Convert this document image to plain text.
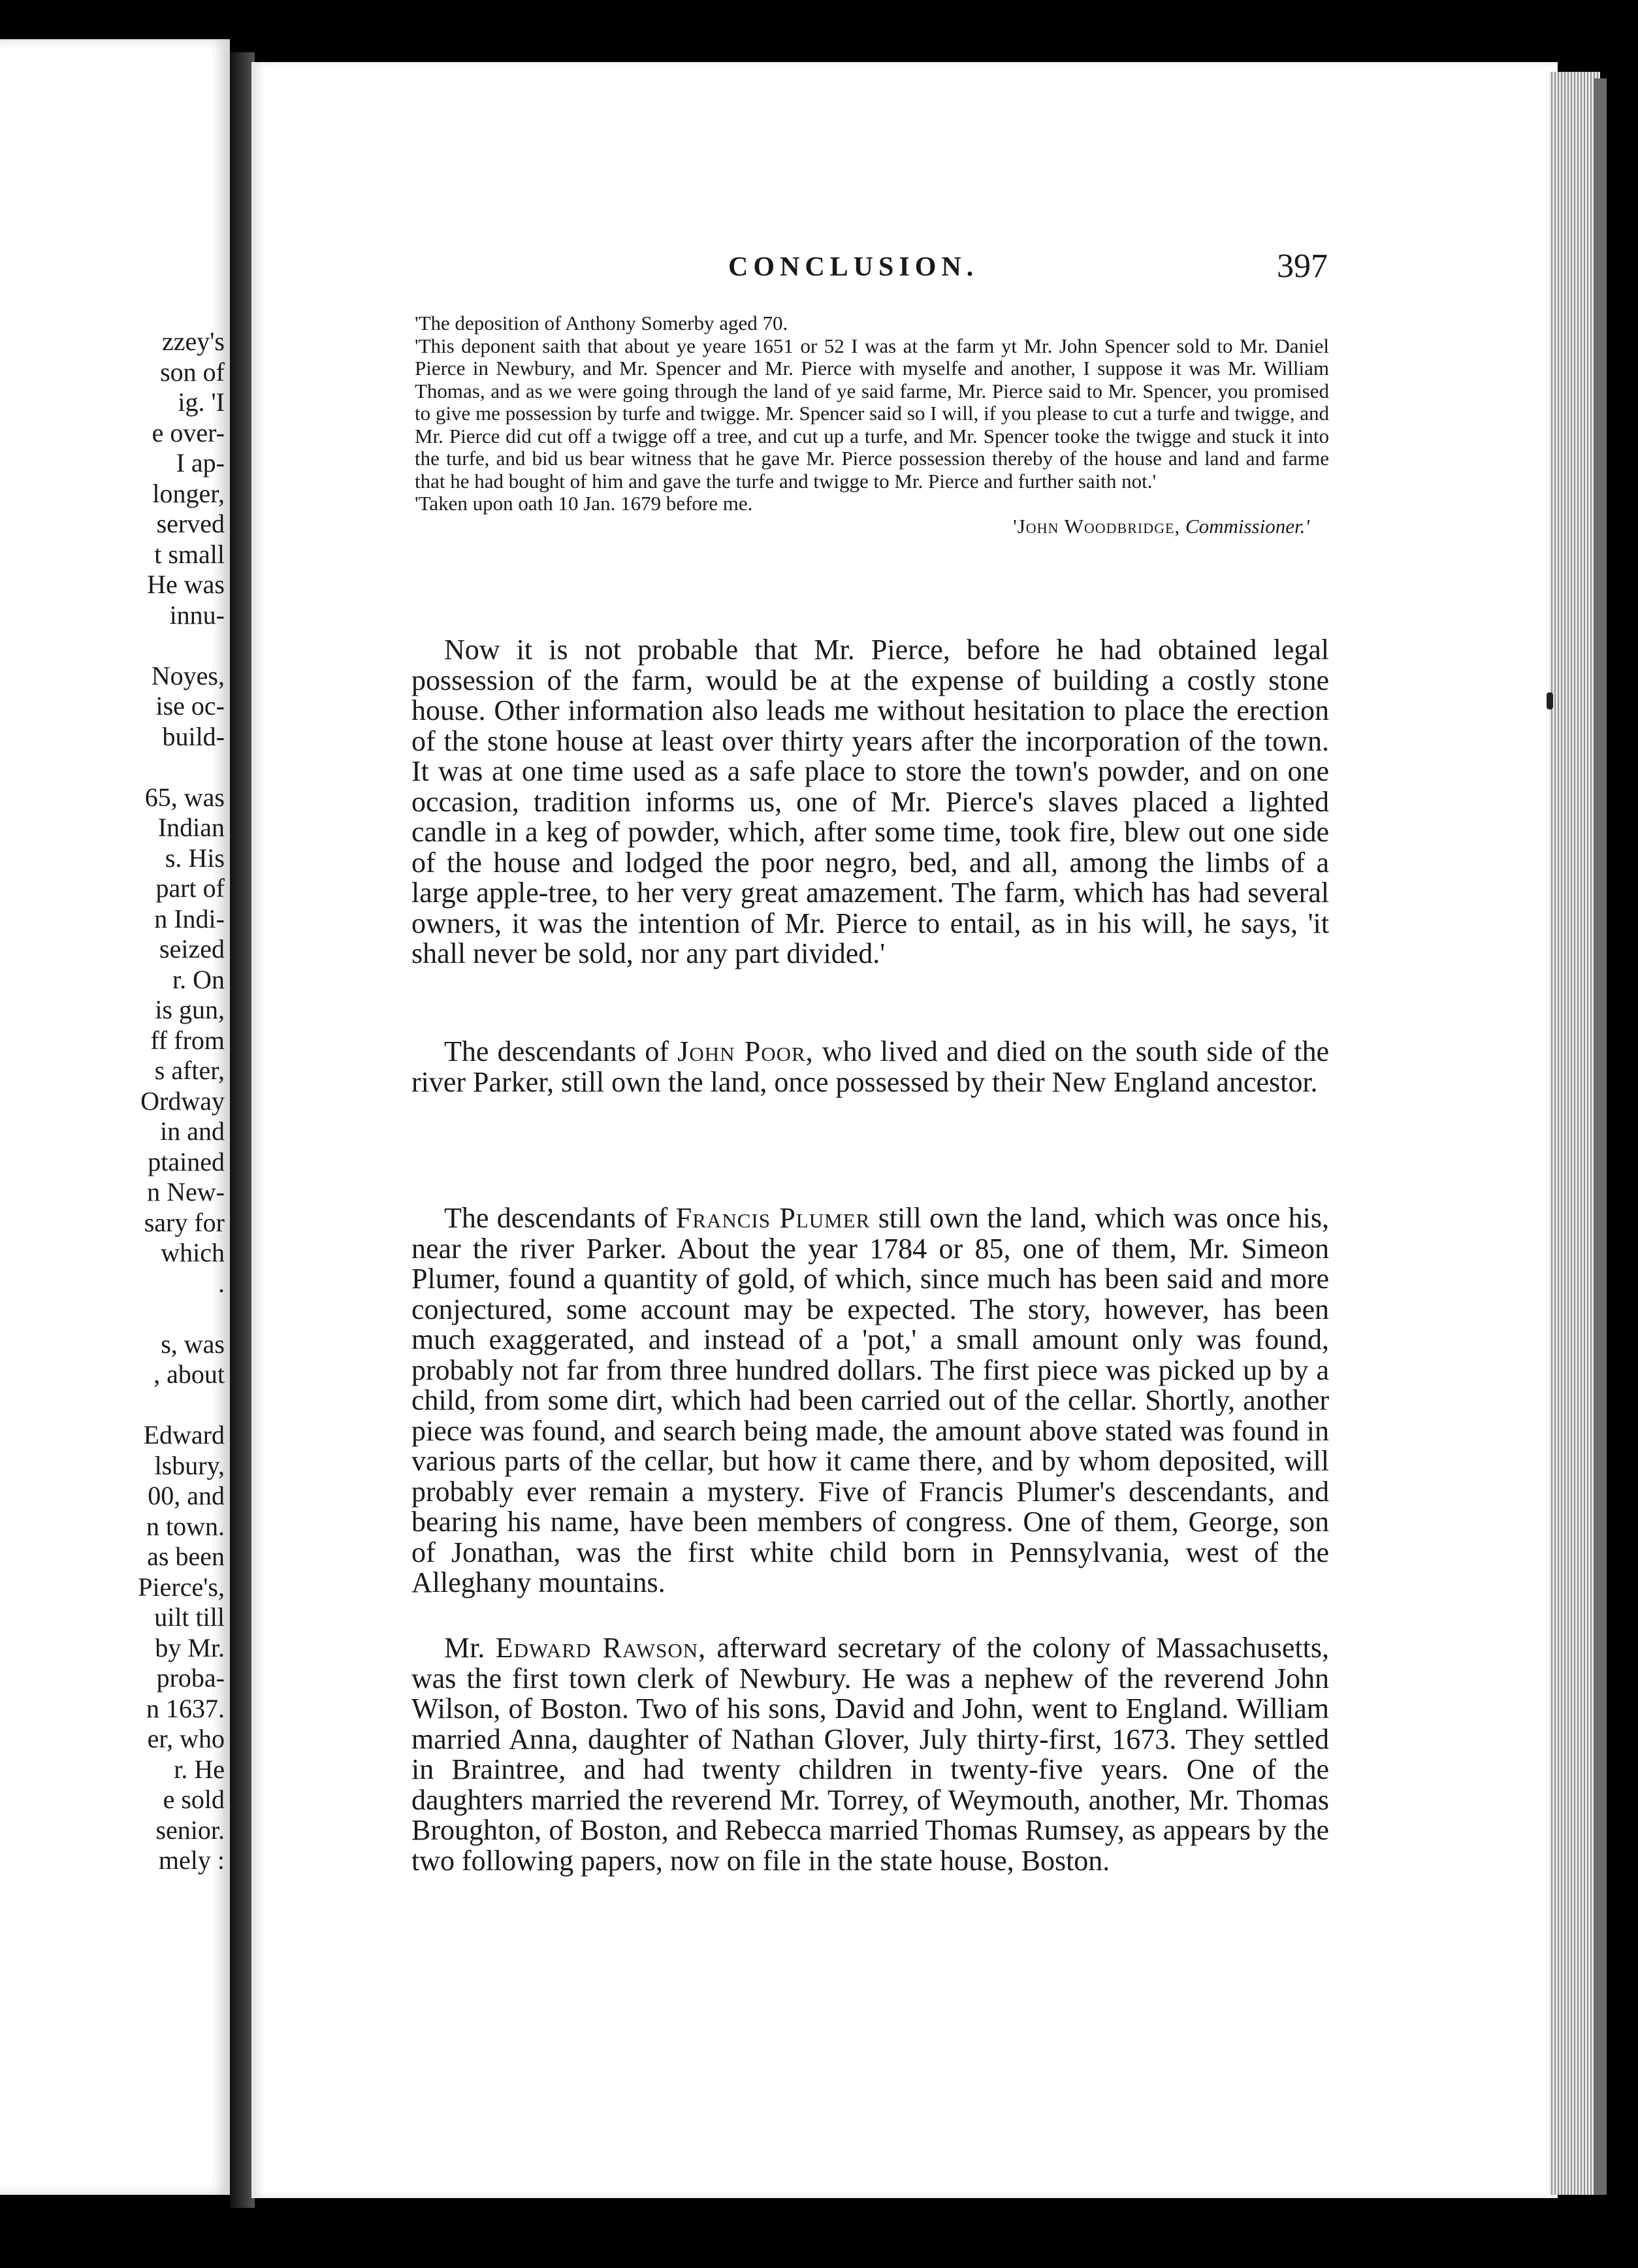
zzey's
son of
ig. 'I
e over-
I ap-
longer,
served
t small
He was
innu-
Noyes,
ise oc-
build-
65, was
Indian
s. His
part of
n Indi-
seized
r. On
is gun,
ff from
s after,
Ordway
in and
ptained
n New-
sary for
which
.
s, was
, about
Edward
lsbury,
00, and
n town.
as been
Pierce's,
uilt till
by Mr.
proba-
n 1637.
er, who
r. He
e sold
senior.
mely :
CONCLUSION.	397

'The deposition of Anthony Somerby aged 70.

'This deponent saith that about ye yeare 1651 or 52 I was at the farm yt Mr. John Spencer sold to Mr. Daniel Pierce in Newbury, and Mr. Spencer and Mr. Pierce with myselfe and another, I suppose it was Mr. William Thomas, and as we were going through the land of ye said farme, Mr. Pierce said to Mr. Spencer, you promised to give me possession by turfe and twigge. Mr. Spencer said so I will, if you please to cut a turfe and twigge, and Mr. Pierce did cut off a twigge off a tree, and cut up a turfe, and Mr. Spencer tooke the twigge and stuck it into the turfe, and bid us bear witness that he gave Mr. Pierce possession thereby of the house and land and farme that he had bought of him and gave the turfe and twigge to Mr. Pierce and further saith not.'

'Taken upon oath 10 Jan. 1679 before me.

'John Woodbridge, Commissioner.'

Now it is not probable that Mr. Pierce, before he had obtained legal possession of the farm, would be at the expense of building a costly stone house. Other information also leads me without hesitation to place the erection of the stone house at least over thirty years after the incorporation of the town. It was at one time used as a safe place to store the town's powder, and on one occasion, tradition informs us, one of Mr. Pierce's slaves placed a lighted candle in a keg of powder, which, after some time, took fire, blew out one side of the house and lodged the poor negro, bed, and all, among the limbs of a large apple-tree, to her very great amazement. The farm, which has had several owners, it was the intention of Mr. Pierce to entail, as in his will, he says, 'it shall never be sold, nor any part divided.'

The descendants of John Poor, who lived and died on the south side of the river Parker, still own the land, once possessed by their New England ancestor.

The descendants of Francis Plumer still own the land, which was once his, near the river Parker. About the year 1784 or 85, one of them, Mr. Simeon Plumer, found a quantity of gold, of which, since much has been said and more conjectured, some account may be expected. The story, however, has been much exaggerated, and instead of a 'pot,' a small amount only was found, probably not far from three hundred dollars. The first piece was picked up by a child, from some dirt, which had been carried out of the cellar. Shortly, another piece was found, and search being made, the amount above stated was found in various parts of the cellar, but how it came there, and by whom deposited, will probably ever remain a mystery. Five of Francis Plumer's descendants, and bearing his name, have been members of congress. One of them, George, son of Jonathan, was the first white child born in Pennsylvania, west of the Alleghany mountains.

Mr. Edward Rawson, afterward secretary of the colony of Massachusetts, was the first town clerk of Newbury. He was a nephew of the reverend John Wilson, of Boston. Two of his sons, David and John, went to England. William married Anna, daughter of Nathan Glover, July thirty-first, 1673. They settled in Braintree, and had twenty children in twenty-five years. One of the daughters married the reverend Mr. Torrey, of Weymouth, another, Mr. Thomas Broughton, of Boston, and Rebecca married Thomas Rumsey, as appears by the two following papers, now on file in the state house, Boston.
